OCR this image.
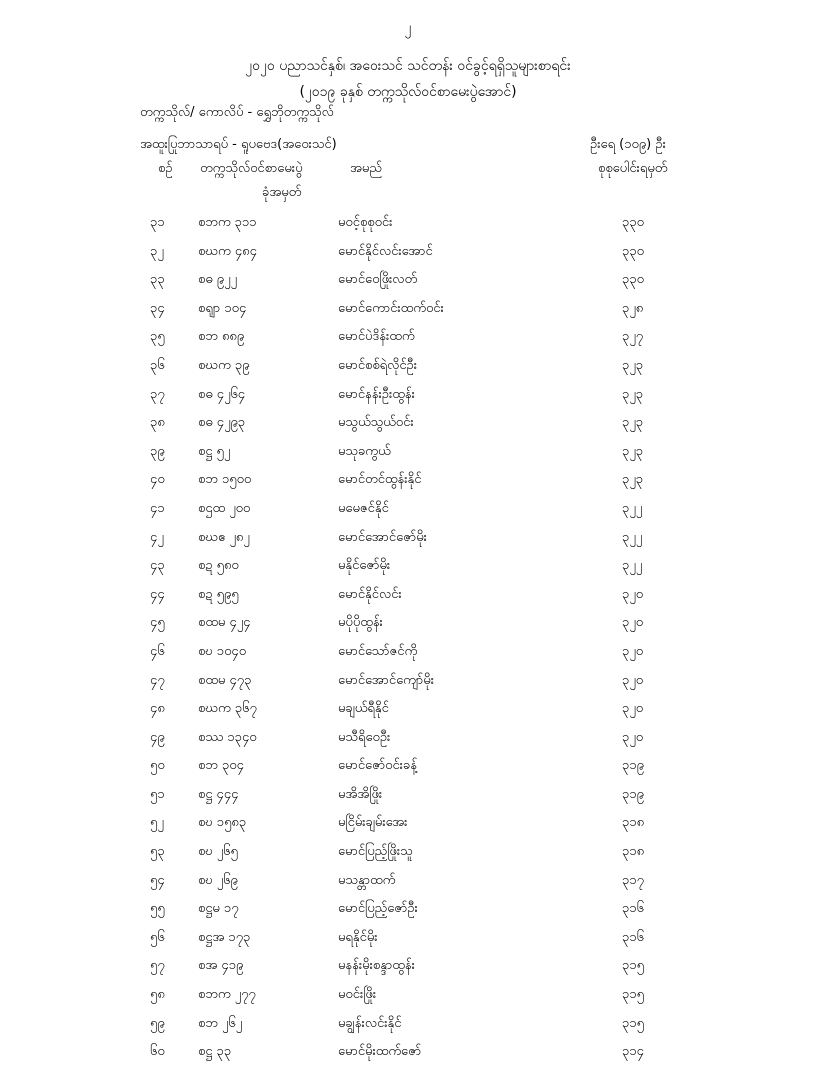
၂
၂၀၂၀ ပညာသင်နှစ်၊ အဝေးသင် သင်တန်း ဝင်ခွင့်ရရှိသူများစာရင်း
(၂၀၁၉ ခုနှစ် တက္ကသိုလ်ဝင်စာမေးပွဲအောင်)
တက္ကသိုလ်/ ကောလိပ် - ရွှေဘိုတက္ကသိုလ်
အထူးပြုဘာသာရပ် - ရူပဗေဒ(အဝေးသင်)	ဦးရေ (၁၀၉) ဦး
စဉ် တက္ကသိုလ်ဝင်စာမေးပွဲ
ခုံအမှတ်
အမည်	စုစုပေါင်းရမှတ်
၃၁	စဘက ၃၁၁	မဝင့်စုစုဝင်း	၃၃၀
၃၂	စဃက ၄၈၄	မောင်နိုင်လင်းအောင်	၃၃၀
၃၃	စဓ ၉၂၂	မောင်ဝေဖြိုးလတ်	၃၃၀
၃၄	စရျာ ၁၀၄	မောင်ကောင်းထက်ဝင်း	၃၂၈
၃၅	စဘ ၈၈၉	မောင်ပဲဒိန်းထက်	၃၂၇
၃၆	စဃက ၃၉	မောင်စစ်ရဲလိုင်ဦး	၃၂၃
၃၇	စဓ ၄၂၆၄	မောင်နန်းဦးထွန်း	၃၂၃
၃၈	စဓ ၄၂၉၃	မသွယ်သွယ်ဝင်း	၃၂၃
၃၉	စဋ္ဌ ၅၂	မသုခကွယ်	၃၂၃
၄၀	စဘ ၁၅၀၀	မောင်တင်ထွန်းနိုင်	၃၂၃
၄၁	စဌထ ၂၀၀	မမေဇင်နိုင်	၃၂၂
၄၂	စဃဧ ၂၈၂	မောင်အောင်ဇော်မိုး	၃၂၂
၄၃	စဍ ၅၈၀	မနိုင်ဇော်မိုး	၃၂၂
၄၄	စဍ ၅၉၅	မောင်နိုင်လင်း	၃၂၀
၄၅	စထမ ၄၂၄	မပိုပိုထွန်း	၃၂၀
၄၆	စဎ ၁၀၄၀	မောင်သော်ဇင်ကို	၃၂၀
၄၇	စထမ ၄၇၃	မောင်အောင်ကျော်မိုး	၃၂၀
၄၈	စဃက ၃၆၇	မချယ်ရီနိုင်	၃၂၀
၄၉	စဿ ၁၃၄၀	မသီရိဝေဦး	၃၂၀
၅၀	စဘ ၃၀၄	မောင်ဇော်ဝင်းခန့်	၃၁၉
၅၁	စဋ္ဌ ၄၄၄	မအိအိဖြိုး	၃၁၉
၅၂	စဎ ၁၅၈၃	မငြိမ်းချမ်းအေး	၃၁၈
၅၃	စဎ ၂၆၅	မောင်ပြည့်ဖြိုးသူ	၃၁၈
၅၄	စဎ ၂၆၉	မသန္တာထက်	၃၁၇
၅၅	စဋ္ဌမ ၁၇	မောင်ပြည့်ဇော်ဦး	၃၁၆
၅၆	စဋ္ဌအ ၁၇၃	မရနိုင်မိုး	၃၁၆
၅၇	စအ ၄၁၉	မနန်းမိုးစန္ဒာထွန်း	၃၁၅
၅၈	စဘက ၂၇၇	မဝင်းဖြိုး	၃၁၅
၅၉	စဘ ၂၆၂	မချွန်းလင်းနိုင်	၃၁၅
၆၀	စဋ္ဌ ၃၃	မောင်မိုးထက်ဇော်	၃၁၄
